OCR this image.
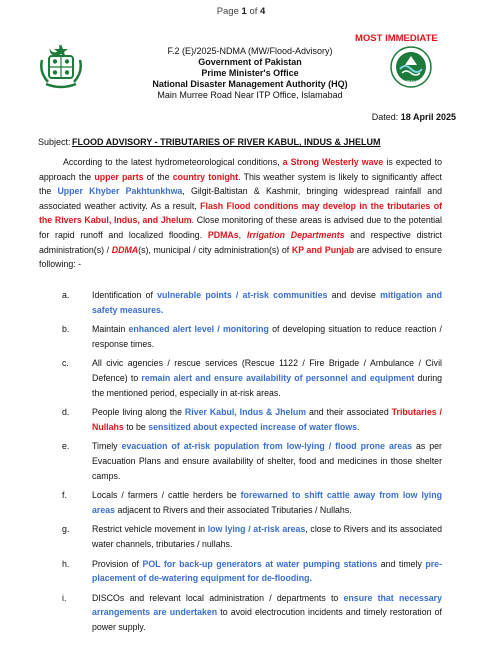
Page 1 of 4
MOST IMMEDIATE
F.2 (E)/2025-NDMA (MW/Flood-Advisory)
Government of Pakistan
Prime Minister's Office
National Disaster Management Authority (HQ)
Main Murree Road Near ITP Office, Islamabad
NDMA
Dated: 18 April 2025
Subject: FLOOD ADVISORY - TRIBUTARIES OF RIVER KABUL, INDUS & JHELUM

According to the latest hydrometeorological conditions, a Strong Westerly wave is expected to approach the upper parts of the country tonight. This weather system is likely to significantly affect the Upper Khyber Pakhtunkhwa, Gilgit-Baltistan & Kashmir, bringing widespread rainfall and associated weather activity. As a result, Flash Flood conditions may develop in the tributaries of the Rivers Kabul, Indus, and Jhelum. Close monitoring of these areas is advised due to the potential for rapid runoff and localized flooding. PDMAs, Irrigation Departments and respective district administration(s) / DDMA(s), municipal / city administration(s) of KP and Punjab are advised to ensure following: -

a.	Identification of vulnerable points / at-risk communities and devise mitigation and safety measures.
b.	Maintain enhanced alert level / monitoring of developing situation to reduce reaction / response times.
c.	All civic agencies / rescue services (Rescue 1122 / Fire Brigade / Ambulance / Civil Defence) to remain alert and ensure availability of personnel and equipment during the mentioned period, especially in at-risk areas.
d.	People living along the River Kabul, Indus & Jhelum and their associated Tributaries / Nullahs to be sensitized about expected increase of water flows.
e.	Timely evacuation of at-risk population from low-lying / flood prone areas as per Evacuation Plans and ensure availability of shelter, food and medicines in those shelter camps.
f.	Locals / farmers / cattle herders be forewarned to shift cattle away from low lying areas adjacent to Rivers and their associated Tributaries / Nullahs.
g.	Restrict vehicle movement in low lying / at-risk areas, close to Rivers and its associated water channels, tributaries / nullahs.
h.	Provision of POL for back-up generators at water pumping stations and timely pre-placement of de-watering equipment for de-flooding.
i.	DISCOs and relevant local administration / departments to ensure that necessary arrangements are undertaken to avoid electrocution incidents and timely restoration of power supply.
